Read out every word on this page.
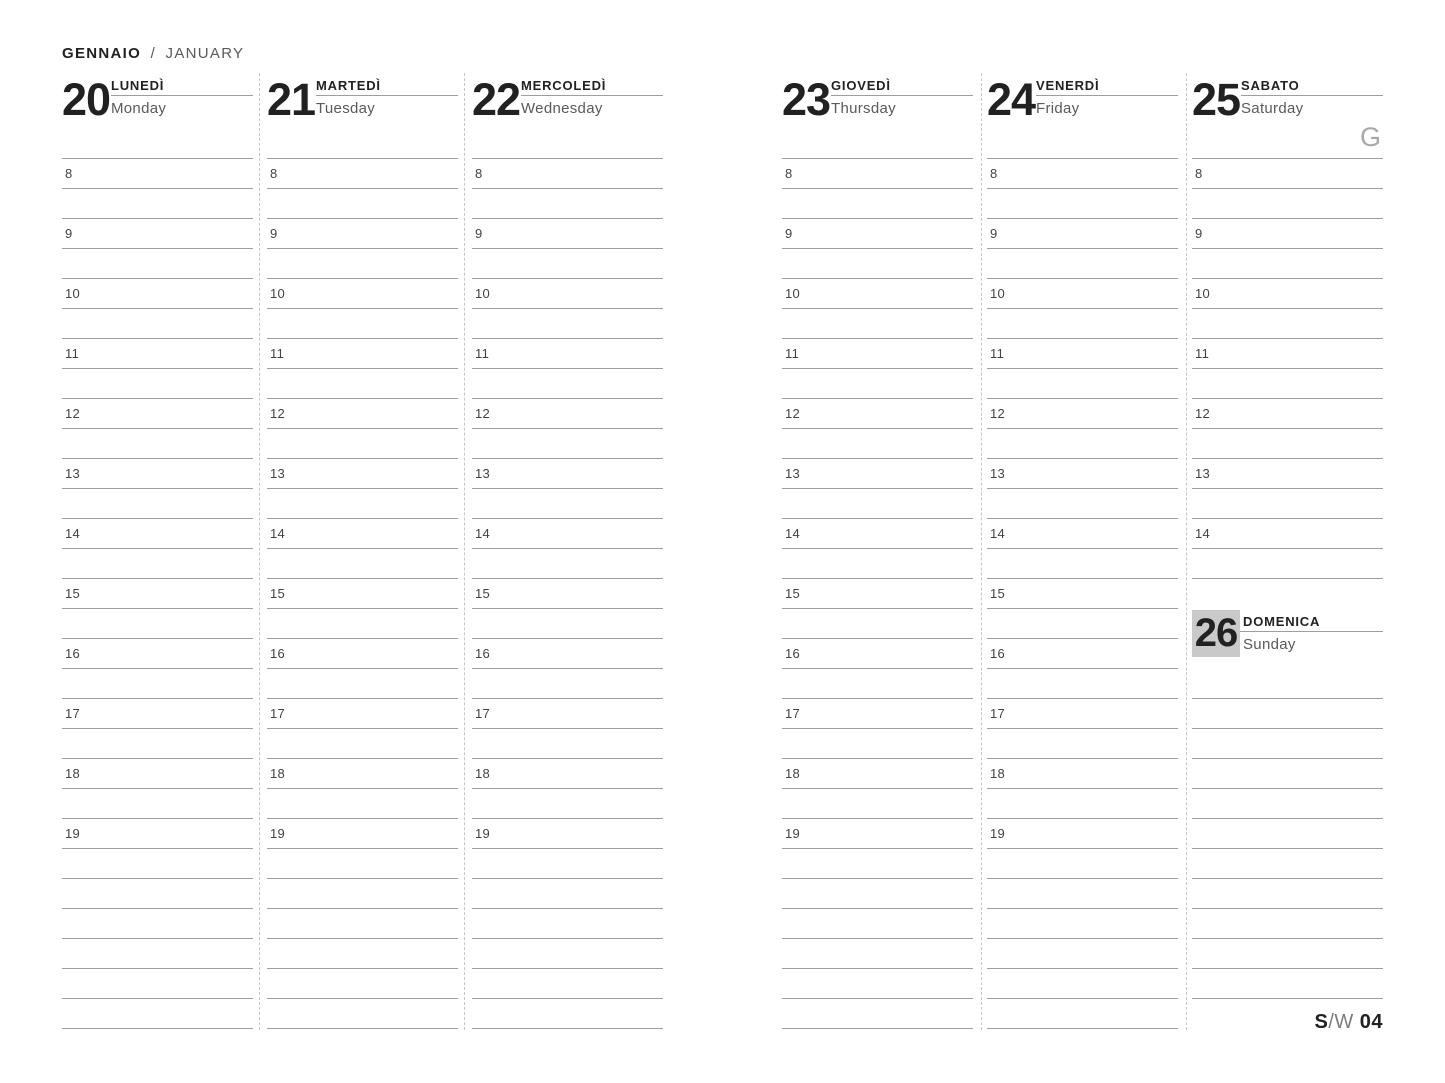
GENNAIO / JANUARY
20 LUNEDÌ
Monday
8
9
10
11
12
13
14
15
16
17
18
19
21 MARTEDÌ
Tuesday
8
9
10
11
12
13
14
15
16
17
18
19
22 MERCOLEDÌ
Wednesday
8
9
10
11
12
13
14
15
16
17
18
19
23 GIOVEDÌ
Thursday
8
9
10
11
12
13
14
15
16
17
18
19
24 VENERDÌ
Friday
8
9
10
11
12
13
14
15
16
17
18
19
25 SABATO
Saturday
G
8
9
10
11
12
13
14
26 DOMENICA
Sunday
S/W 04
